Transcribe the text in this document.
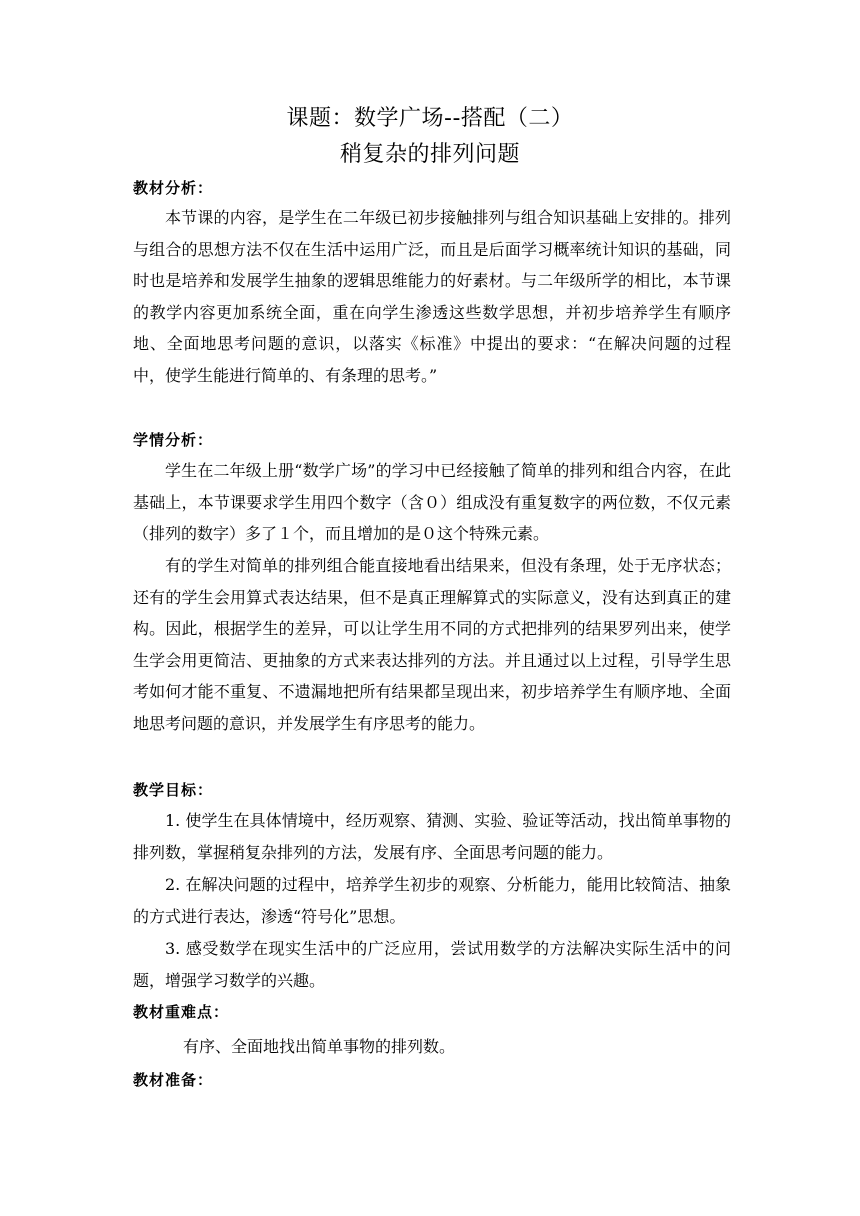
课题：数学广场--搭配（二）
稍复杂的排列问题
教材分析：

本节课的内容，是学生在二年级已初步接触排列与组合知识基础上安排的。排列与组合的思想方法不仅在生活中运用广泛，而且是后面学习概率统计知识的基础，同时也是培养和发展学生抽象的逻辑思维能力的好素材。与二年级所学的相比，本节课的教学内容更加系统全面，重在向学生渗透这些数学思想，并初步培养学生有顺序地、全面地思考问题的意识，以落实《标准》中提出的要求：“在解决问题的过程中，使学生能进行简单的、有条理的思考。”

学情分析：

学生在二年级上册“数学广场”的学习中已经接触了简单的排列和组合内容，在此基础上，本节课要求学生用四个数字（含０）组成没有重复数字的两位数，不仅元素（排列的数字）多了１个，而且增加的是０这个特殊元素。

有的学生对简单的排列组合能直接地看出结果来，但没有条理，处于无序状态；还有的学生会用算式表达结果，但不是真正理解算式的实际意义，没有达到真正的建构。因此，根据学生的差异，可以让学生用不同的方式把排列的结果罗列出来，使学生学会用更简洁、更抽象的方式来表达排列的方法。并且通过以上过程，引导学生思考如何才能不重复、不遗漏地把所有结果都呈现出来，初步培养学生有顺序地、全面地思考问题的意识，并发展学生有序思考的能力。

教学目标：

1. 使学生在具体情境中，经历观察、猜测、实验、验证等活动，找出简单事物的排列数，掌握稍复杂排列的方法，发展有序、全面思考问题的能力。

2. 在解决问题的过程中，培养学生初步的观察、分析能力，能用比较简洁、抽象的方式进行表达，渗透“符号化”思想。

3. 感受数学在现实生活中的广泛应用，尝试用数学的方法解决实际生活中的问题，增强学习数学的兴趣。

教材重难点：
有序、全面地找出简单事物的排列数。
教材准备：
